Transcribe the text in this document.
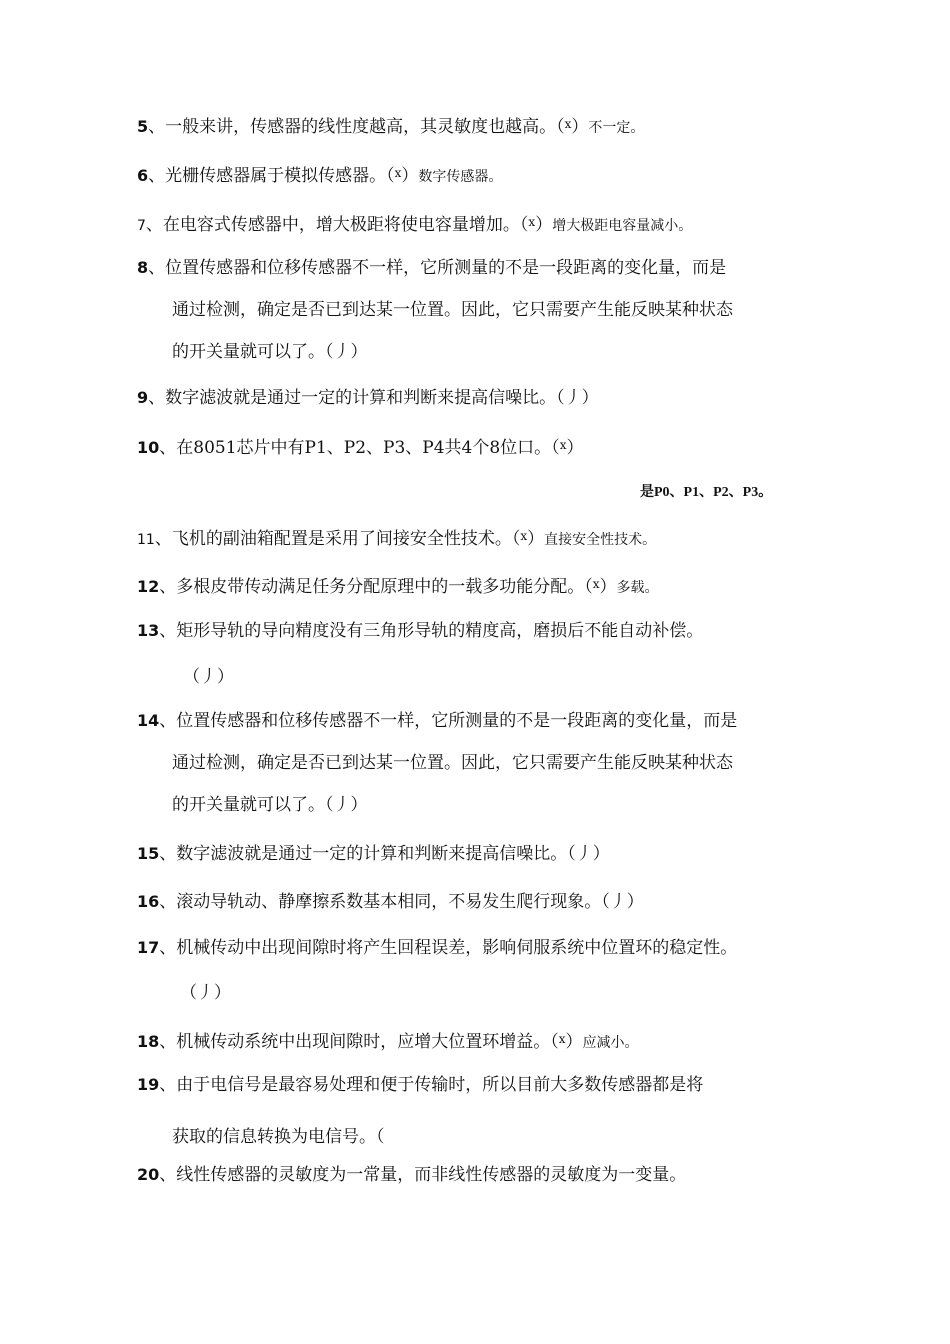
5、一般来讲，传感器的线性度越高，其灵敏度也越高。（$^x$）不一定。
6、光栅传感器属于模拟传感器。（$^x$）数字传感器。
7、在电容式传感器中，增大极距将使电容量增加。（$^x$）增大极距电容量减小。
8、位置传感器和位移传感器不一样，它所测量的不是一段距离的变化量，而是
通过检测，确定是否已到达某一位置。因此，它只需要产生能反映某种状态
的开关量就可以了。（丿）
9、数字滤波就是通过一定的计算和判断来提高信噪比。（丿）
10、在8051芯片中有P1、P2、P3、P4共4个8位口。（$^x$）
是P0、P1、P2、P3。
11、飞机的副油箱配置是采用了间接安全性技术。（$^x$）直接安全性技术。
12、多根皮带传动满足任务分配原理中的一载多功能分配。（$^x$）多载。
13、矩形导轨的导向精度没有三角形导轨的精度高，磨损后不能自动补偿。
（丿）
14、位置传感器和位移传感器不一样，它所测量的不是一段距离的变化量，而是
通过检测，确定是否已到达某一位置。因此，它只需要产生能反映某种状态
的开关量就可以了。（丿）
15、数字滤波就是通过一定的计算和判断来提高信噪比。（丿）
16、滚动导轨动、静摩擦系数基本相同，不易发生爬行现象。（丿）
17、机械传动中出现间隙时将产生回程误差，影响伺服系统中位置环的稳定性。
（丿）
18、机械传动系统中出现间隙时，应增大位置环增益。（$^x$）应减小。
19、由于电信号是最容易处理和便于传输时，所以目前大多数传感器都是将
获取的信息转换为电信号。（
20、线性传感器的灵敏度为一常量，而非线性传感器的灵敏度为一变量。
